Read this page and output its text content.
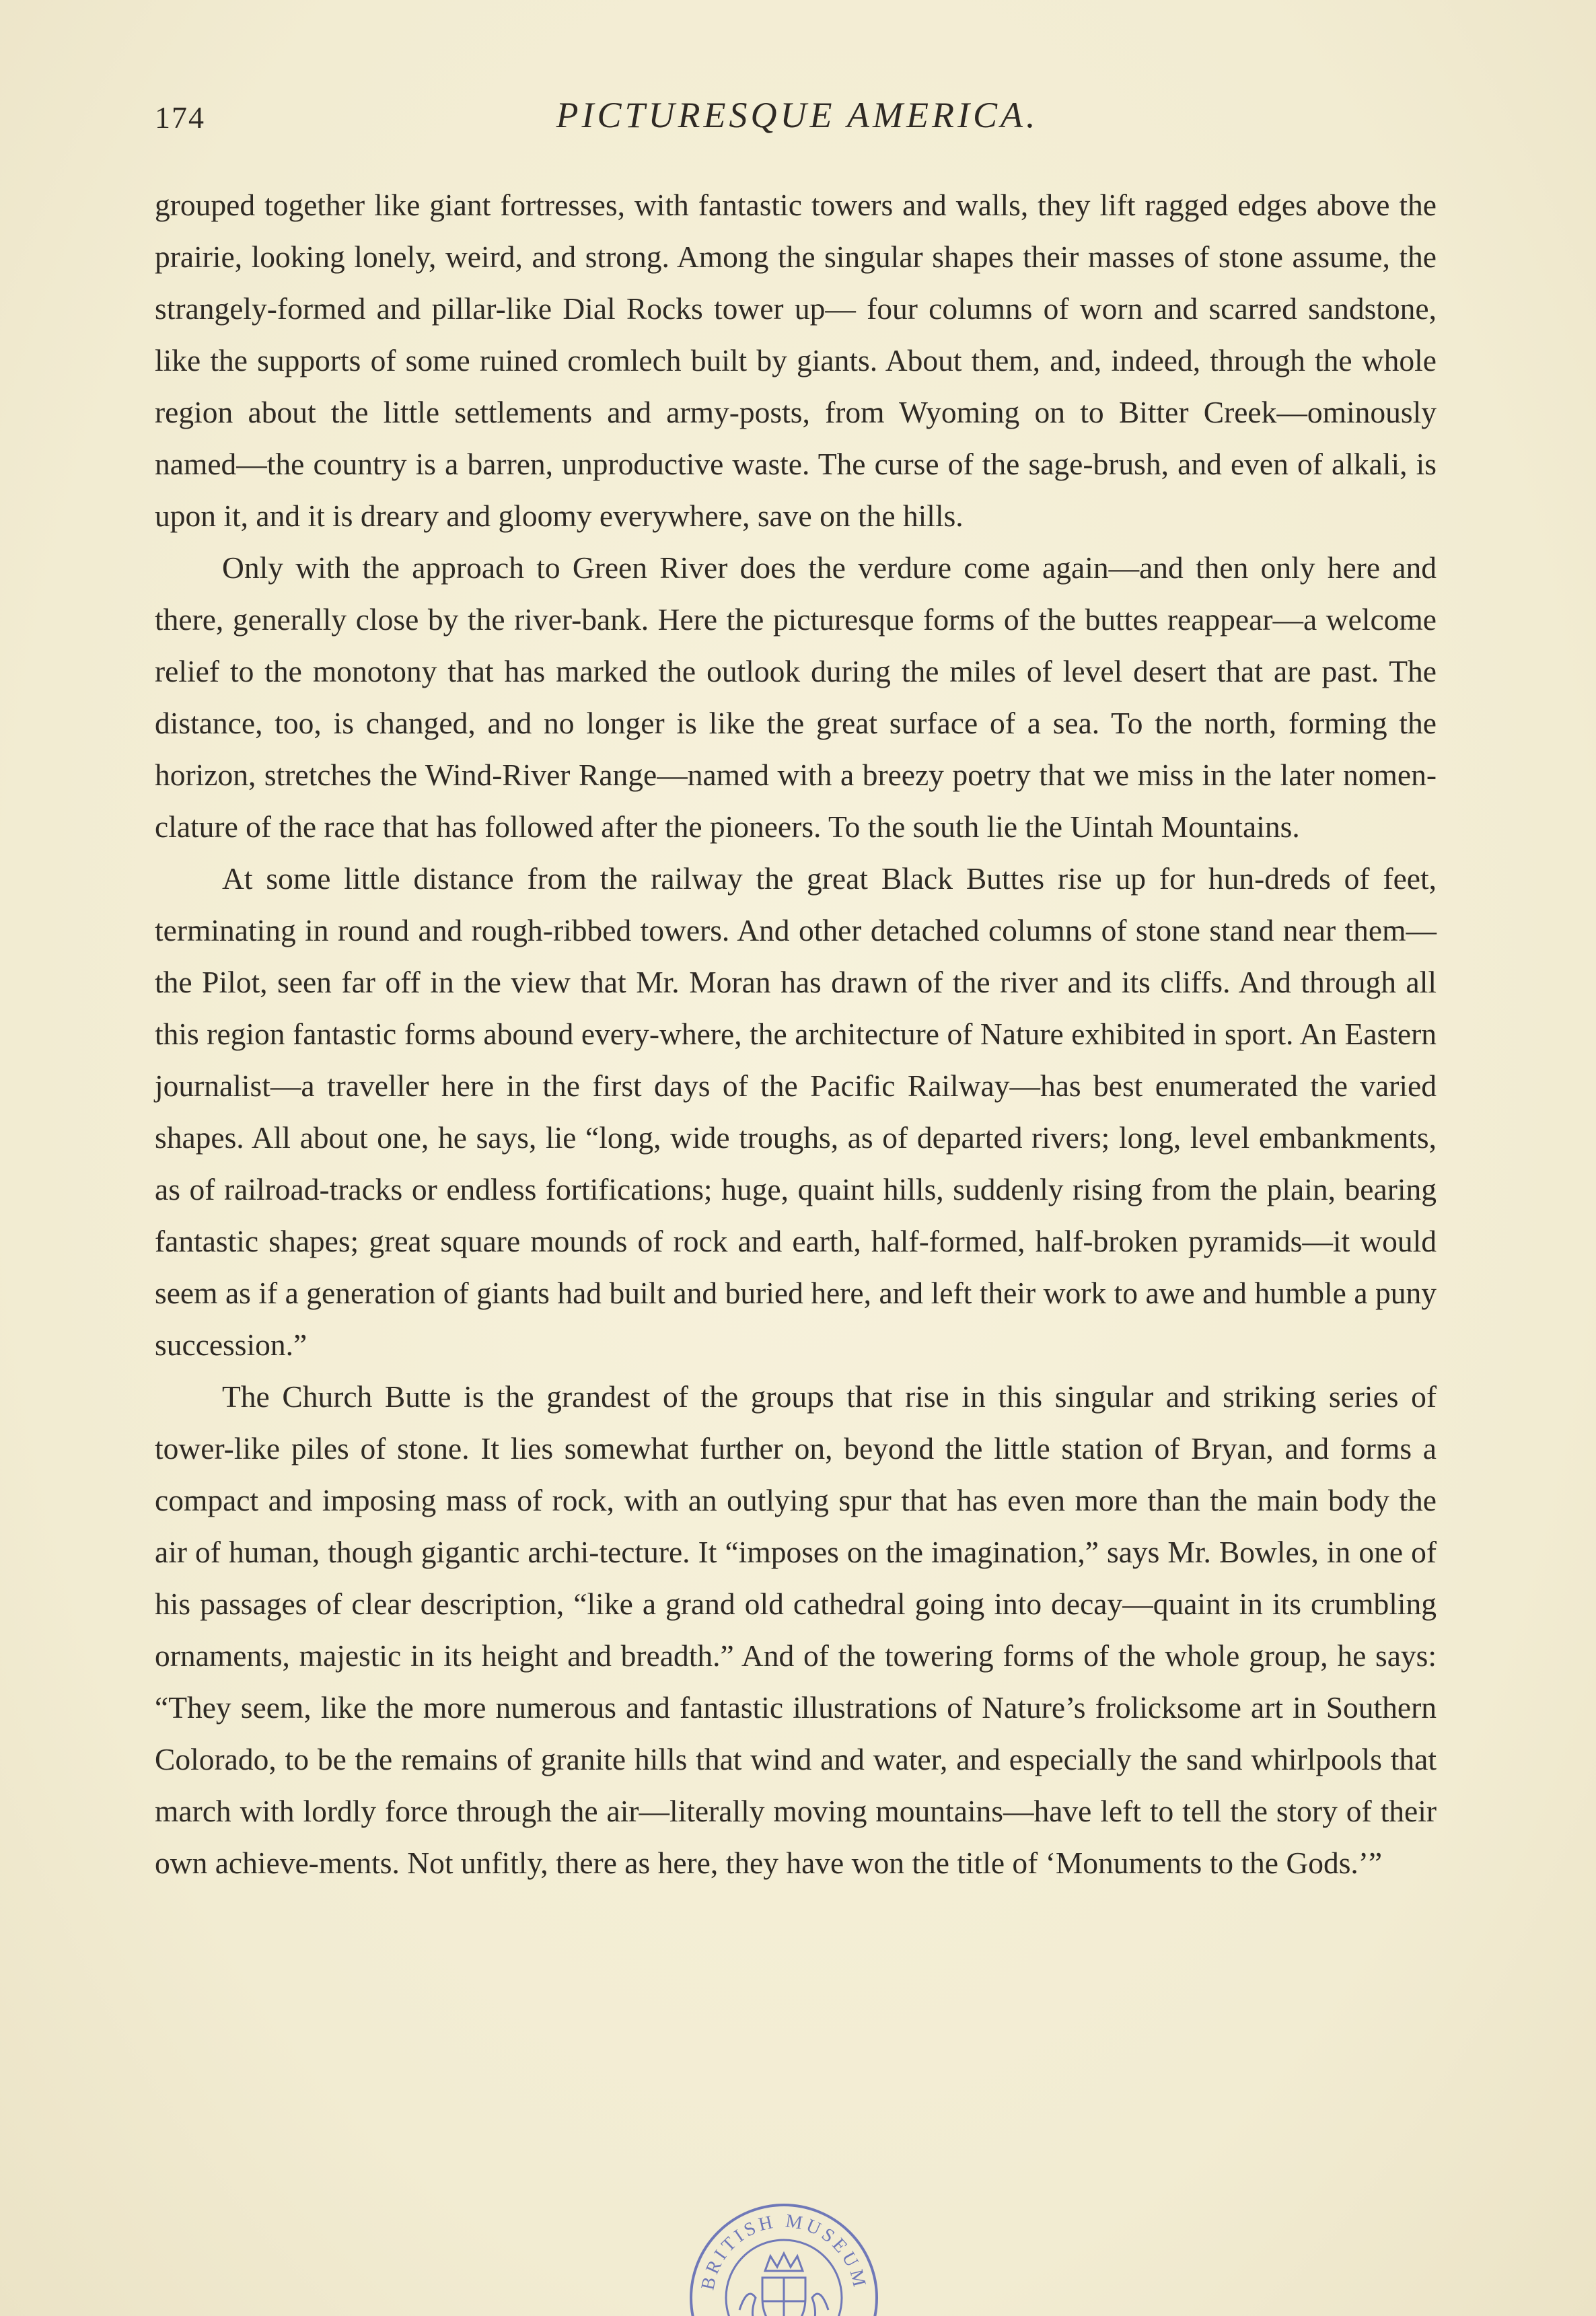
174	PICTURESQUE AMERICA.

grouped together like giant fortresses, with fantastic towers and walls, they lift ragged edges above the prairie, looking lonely, weird, and strong. Among the singular shapes their masses of stone assume, the strangely-formed and pillar-like Dial Rocks tower up— four columns of worn and scarred sandstone, like the supports of some ruined cromlech built by giants. About them, and, indeed, through the whole region about the little settlements and army-posts, from Wyoming on to Bitter Creek—ominously named—the country is a barren, unproductive waste. The curse of the sage-brush, and even of alkali, is upon it, and it is dreary and gloomy everywhere, save on the hills.

Only with the approach to Green River does the verdure come again—and then only here and there, generally close by the river-bank. Here the picturesque forms of the buttes reappear—a welcome relief to the monotony that has marked the outlook during the miles of level desert that are past. The distance, too, is changed, and no longer is like the great surface of a sea. To the north, forming the horizon, stretches the Wind-River Range—named with a breezy poetry that we miss in the later nomen-clature of the race that has followed after the pioneers. To the south lie the Uintah Mountains.

At some little distance from the railway the great Black Buttes rise up for hun-dreds of feet, terminating in round and rough-ribbed towers. And other detached columns of stone stand near them—the Pilot, seen far off in the view that Mr. Moran has drawn of the river and its cliffs. And through all this region fantastic forms abound every-where, the architecture of Nature exhibited in sport. An Eastern journalist—a traveller here in the first days of the Pacific Railway—has best enumerated the varied shapes. All about one, he says, lie “long, wide troughs, as of departed rivers; long, level embankments, as of railroad-tracks or endless fortifications; huge, quaint hills, suddenly rising from the plain, bearing fantastic shapes; great square mounds of rock and earth, half-formed, half-broken pyramids—it would seem as if a generation of giants had built and buried here, and left their work to awe and humble a puny succession.”

The Church Butte is the grandest of the groups that rise in this singular and striking series of tower-like piles of stone. It lies somewhat further on, beyond the little station of Bryan, and forms a compact and imposing mass of rock, with an outlying spur that has even more than the main body the air of human, though gigantic archi-tecture. It “imposes on the imagination,” says Mr. Bowles, in one of his passages of clear description, “like a grand old cathedral going into decay—quaint in its crumbling ornaments, majestic in its height and breadth.” And of the towering forms of the whole group, he says: “They seem, like the more numerous and fantastic illustrations of Nature’s frolicksome art in Southern Colorado, to be the remains of granite hills that wind and water, and especially the sand whirlpools that march with lordly force through the air—literally moving mountains—have left to tell the story of their own achieve-ments. Not unfitly, there as here, they have won the title of ‘Monuments to the Gods.’”

BRITISH MUSEUM
